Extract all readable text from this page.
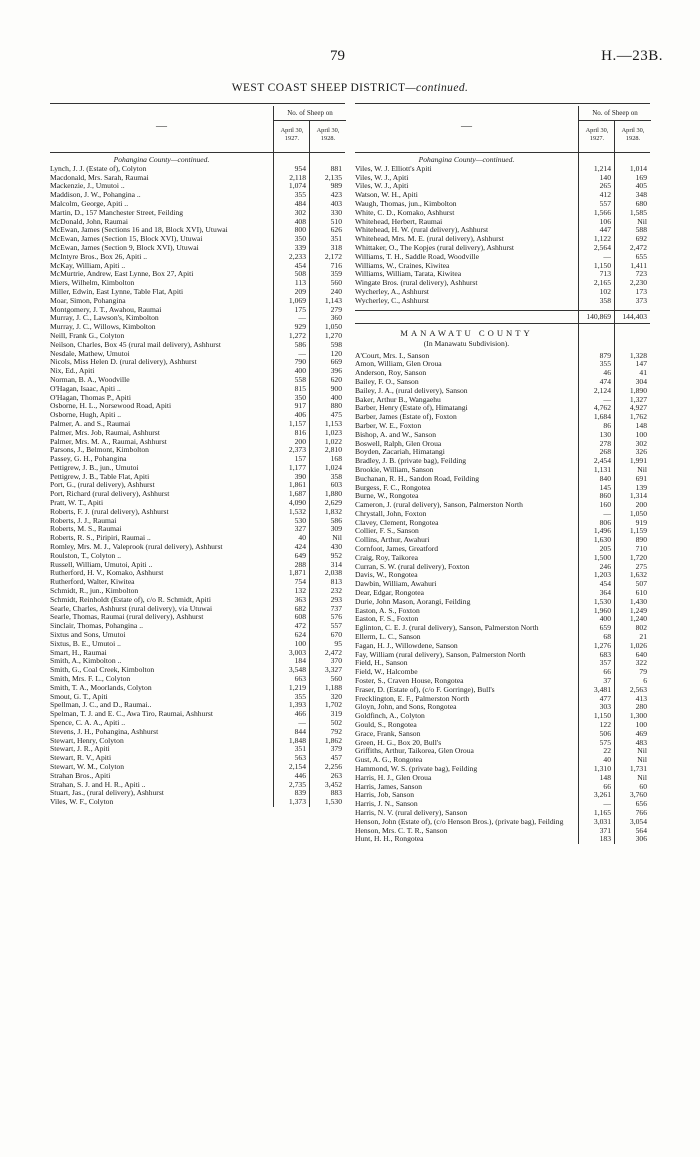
79	H.—23B.
WEST COAST SHEEP DISTRICT—continued.
—
No. of Sheep on
April 30, 1927.
April 30, 1928.
Pohangina County—continued.
Lynch, J. J. (Estate of), Colyton	954	881
Macdonald, Mrs. Sarah, Raumai	2,118	2,135
Mackenzie, J., Umutoi ..	1,074	989
Maddison, J. W., Pohangina ..	355	423
Malcolm, George, Apiti ..	484	403
Martin, D., 157 Manchester Street, Feilding	302	330
McDonald, John, Raumai	408	510
McEwan, James (Sections 16 and 18, Block XVI), Utuwai	800	626
McEwan, James (Section 15, Block XVI), Utuwai	350	351
McEwan, James (Section 9, Block XVI), Utuwai	339	318
McIntyre Bros., Box 26, Apiti ..	2,233	2,172
McKay, William, Apiti ..	454	716
McMurtrie, Andrew, East Lynne, Box 27, Apiti	508	359
Miers, Wilhelm, Kimbolton	113	560
Miller, Edwin, East Lynne, Table Flat, Apiti	209	240
Moar, Simon, Pohangina	1,069	1,143
Montgomery, J. T., Awahou, Raumai	175	279
Murray, J. C., Lawson's, Kimbolton	—	360
Murray, J. C., Willows, Kimbolton	929	1,050
Neill, Frank G., Colyton	1,272	1,270
Neilson, Charles, Box 45 (rural mail delivery), Ashhurst	586	598
Nesdale, Mathew, Umutoi	—	120
Nicols, Miss Helen D. (rural delivery), Ashhurst	790	669
Nix, Ed., Apiti	400	396
Norman, B. A., Woodville	558	620
O'Hagan, Isaac, Apiti ..	815	900
O'Hagan, Thomas P., Apiti	350	400
Osborne, H. L., Norsewood Road, Apiti	917	880
Osborne, Hugh, Apiti ..	406	475
Palmer, A. and S., Raumai	1,157	1,153
Palmer, Mrs. Job, Raumai, Ashhurst	816	1,023
Palmer, Mrs. M. A., Raumai, Ashhurst	200	1,022
Parsons, J., Belmont, Kimbolton	2,373	2,810
Passey, G. H., Pohangina	157	168
Pettigrew, J. B., jun., Umutoi	1,177	1,024
Pettigrew, J. B., Table Flat, Apiti	390	358
Port, G., (rural delivery), Ashhurst	1,861	603
Port, Richard (rural delivery), Ashhurst	1,687	1,880
Pratt, W. T., Apiti	4,090	2,629
Roberts, F. J. (rural delivery), Ashhurst	1,532	1,832
Roberts, J. J., Raumai	530	586
Roberts, M. S., Raumai	327	309
Roberts, R. S., Piripiri, Raumai ..	40	Nil
Romley, Mrs. M. J., Valeprook (rural delivery), Ashhurst	424	430
Roulston, T., Colyton ..	649	952
Russell, William, Umutoi, Apiti ..	288	314
Rutherford, H. V., Komako, Ashhurst	1,871	2,038
Rutherford, Walter, Kiwitea	754	813
Schmidt, R., jun., Kimbolton	132	232
Schmidt, Reinholdt (Estate of), c/o R. Schmidt, Apiti	363	293
Searle, Charles, Ashhurst (rural delivery), via Utuwai	682	737
Searle, Thomas, Raumai (rural delivery), Ashhurst	608	576
Sinclair, Thomas, Pohangina ..	472	557
Sixtus and Sons, Umutoi	624	670
Sixtus, B. E., Umutoi ..	100	95
Smart, H., Raumai	3,003	2,472
Smith, A., Kimbolton ..	184	370
Smith, G., Coal Creek, Kimbolton	3,548	3,327
Smith, Mrs. F. L., Colyton	663	560
Smith, T. A., Moorlands, Colyton	1,219	1,188
Smout, G. T., Apiti	355	320
Spellman, J. C., and D., Raumai..	1,393	1,702
Spelman, T. J. and E. C., Awa Tiro, Raumai, Ashhurst	466	319
Spence, C. A. A., Apiti ..	—	502
Stevens, J. H., Pohangina, Ashhurst	844	792
Stewart, Henry, Colyton	1,848	1,862
Stewart, J. R., Apiti	351	379
Stewart, R. V., Apiti	563	457
Stewart, W. M., Colyton	2,154	2,256
Strahan Bros., Apiti	446	263
Strahan, S. J. and H. R., Apiti ..	2,735	3,452
Stuart, Jas., (rural delivery), Ashhurst	839	883
Viles, W. F., Colyton	1,373	1,530
—
No. of Sheep on
April 30, 1927.
April 30, 1928.
Pohangina County—continued.
Viles, W. J. Elliott's Apiti	1,214	1,014
Viles, W. J., Apiti	140	169
Viles, W. J., Apiti	265	405
Watson, W. H., Apiti	412	348
Waugh, Thomas, jun., Kimbolton	557	680
White, C. D., Komako, Ashhurst	1,566	1,585
Whitehead, Herbert, Raumai	106	Nil
Whitehead, H. W. (rural delivery), Ashhurst	447	588
Whitehead, Mrs. M. E. (rural delivery), Ashhurst	1,122	692
Whittaker, O., The Kopjes (rural delivery), Ashhurst	2,564	2,472
Williams, T. H., Saddle Road, Woodville	—	655
Williams, W., Craines, Kiwitea	1,150	1,411
Williams, William, Tarata, Kiwitea	713	723
Wingate Bros. (rural delivery), Ashhurst	2,165	2,230
Wycherley, A., Ashhurst	102	173
Wycherley, C., Ashhurst	358	373
140,869	144,403
MANAWATU COUNTY
(In Manawatu Subdivision).
A'Court, Mrs. I., Sanson	879	1,328
Amon, William, Glen Oroua	355	147
Anderson, Roy, Sanson	46	41
Bailey, F. O., Sanson	474	304
Bailey, J. A., (rural delivery), Sanson	2,124	1,890
Baker, Arthur B., Wangaehu	—	1,327
Barber, Henry (Estate of), Himatangi	4,762	4,927
Barber, James (Estate of), Foxton	1,684	1,762
Barber, W. E., Foxton	86	148
Bishop, A. and W., Sanson	130	100
Boswell, Ralph, Glen Oroua	278	302
Boyden, Zacariah, Himatangi	268	326
Bradley, J. B. (private bag), Feilding	2,454	1,991
Brookie, William, Sanson	1,131	Nil
Buchanan, R. H., Sandon Road, Feilding	840	691
Burgess, F. C., Rongotea	145	139
Burne, W., Rongotea	860	1,314
Cameron, J. (rural delivery), Sanson, Palmerston North	160	200
Chrystall, John, Foxton	—	1,050
Clavey, Clement, Rongotea	806	919
Collier, F. S., Sanson	1,496	1,159
Collins, Arthur, Awahuri	1,630	890
Cornfoot, James, Greatford	205	710
Craig, Roy, Taikorea	1,500	1,720
Curran, S. W. (rural delivery), Foxton	246	275
Davis, W., Rongotea	1,203	1,632
Dawbin, William, Awahuri	454	507
Dear, Edgar, Rongotea	364	610
Durie, John Mason, Aorangi, Feilding	1,530	1,430
Easton, A. S., Foxton	1,960	1,249
Easton, F. S., Foxton	400	1,240
Eglinton, C. E. J. (rural delivery), Sanson, Palmerston North	659	802
Ellerm, L. C., Sanson	68	21
Fagan, H. J., Willowdene, Sanson	1,276	1,026
Fay, William (rural delivery), Sanson, Palmerston North	683	640
Field, H., Sanson	357	322
Field, W., Halcombe	66	79
Foster, S., Craven House, Rongotea	37	6
Fraser, D. (Estate of), (c/o F. Gorringe), Bull's	3,481	2,563
Frecklington, E. F., Palmerston North	477	413
Gloyn, John, and Sons, Rongotea	303	280
Goldfinch, A., Colyton	1,150	1,300
Gould, S., Rongotea	122	100
Grace, Frank, Sanson	506	469
Green, H. G., Box 20, Bull's	575	483
Griffiths, Arthur, Taikorea, Glen Oroua	22	Nil
Gust, A. G., Rongotea	40	Nil
Hammond, W. S. (private bag), Feilding	1,310	1,731
Harris, H. J., Glen Oroua	148	Nil
Harris, James, Sanson	66	60
Harris, Job, Sanson	3,261	3,760
Harris, J. N., Sanson	—	656
Harris, N. V. (rural delivery), Sanson	1,165	766
Henson, John (Estate of), (c/o Henson Bros.), (private bag), Feilding	3,031	3,054
Henson, Mrs. C. T. R., Sanson	371	564
Hunt, H. H., Rongotea	183	306
